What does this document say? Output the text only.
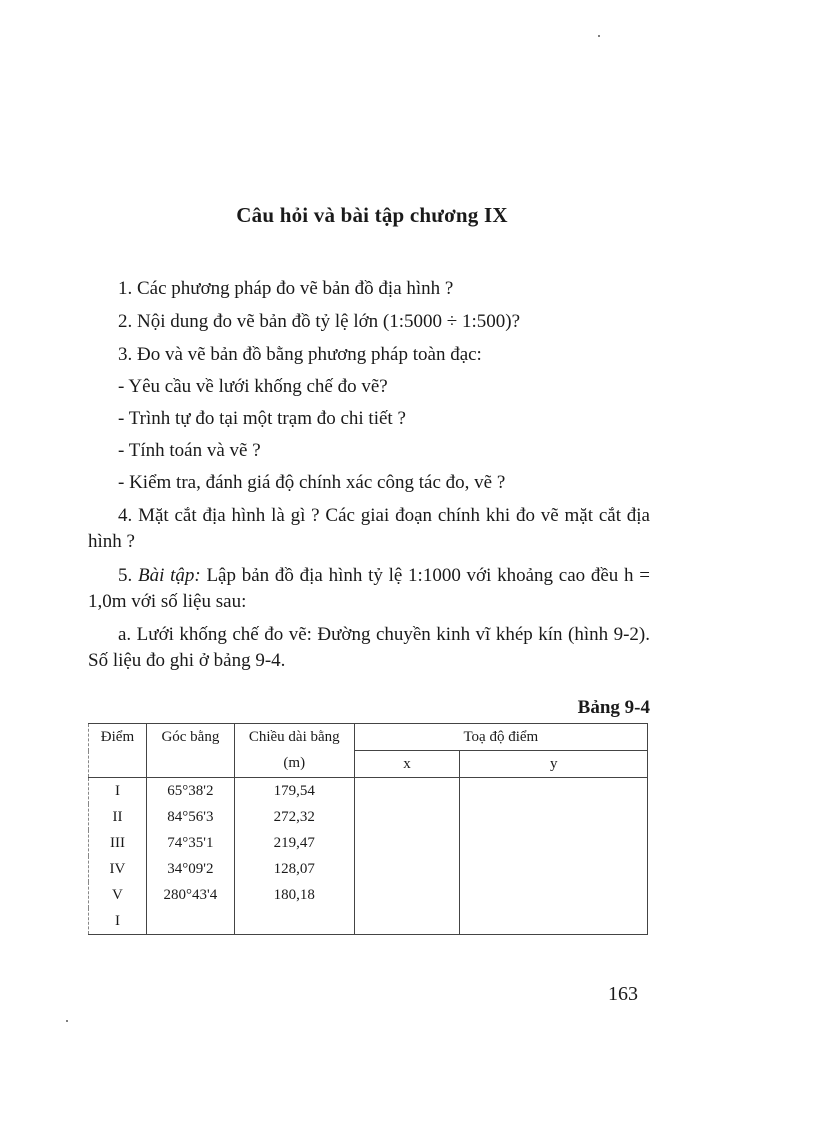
Câu hỏi và bài tập chương IX
1. Các phương pháp đo vẽ bản đồ địa hình ?
2. Nội dung đo vẽ bản đồ tỷ lệ lớn (1:5000 ÷ 1:500)?
3. Đo và vẽ bản đồ bằng phương pháp toàn đạc:
- Yêu cầu về lưới khống chế đo vẽ?
- Trình tự đo tại một trạm đo chi tiết ?
- Tính toán và vẽ ?
- Kiểm tra, đánh giá độ chính xác công tác đo, vẽ ?
4. Mặt cắt địa hình là gì ? Các giai đoạn chính khi đo vẽ mặt cắt địa hình ?
5. Bài tập: Lập bản đồ địa hình tỷ lệ 1:1000 với khoảng cao đều h = 1,0m với số liệu sau:
a. Lưới khống chế đo vẽ: Đường chuyền kinh vĩ khép kín (hình 9-2). Số liệu đo ghi ở bảng 9-4.
Bảng 9-4
Điểm	Góc bằng	Chiều dài bằng	Toạ độ điểm	
		(m)	x	y
I	65°38'2	179,54		
II	84°56'3	272,32		
III	74°35'1	219,47		
IV	34°09'2	128,07		
V	280°43'4	180,18		
I				
163
